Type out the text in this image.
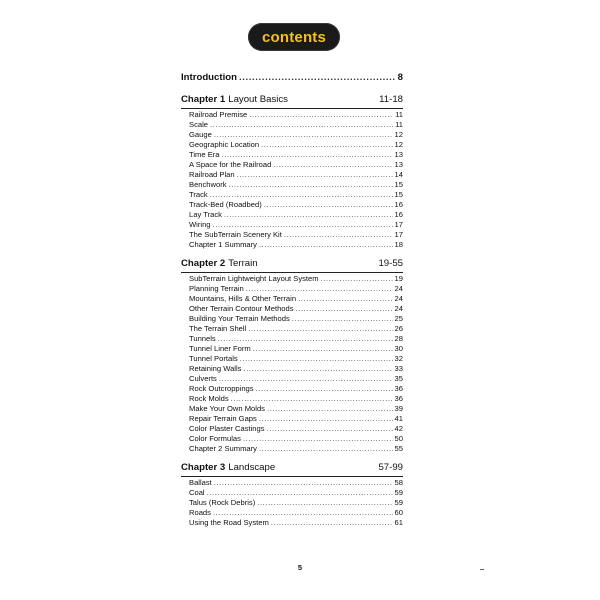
contents
Introduction .....	8
Chapter 1 Layout Basics	11-18
Railroad Premise .....	11
Scale .....	11
Gauge .....	12
Geographic Location .....	12
Time Era .....	13
A Space for the Railroad .....	13
Railroad Plan .....	14
Benchwork .....	15
Track .....	15
Track-Bed (Roadbed) .....	16
Lay Track .....	16
Wiring .....	17
The SubTerrain Scenery Kit .....	17
Chapter 1 Summary .....	18
Chapter 2 Terrain	19-55
SubTerrain Lightweight Layout System .....	19
Planning Terrain .....	24
Mountains, Hills & Other Terrain .....	24
Other Terrain Contour Methods .....	24
Building Your Terrain Methods .....	25
The Terrain Shell .....	26
Tunnels .....	28
Tunnel Liner Form .....	30
Tunnel Portals .....	32
Retaining Walls .....	33
Culverts .....	35
Rock Outcroppings .....	36
Rock Molds .....	36
Make Your Own Molds .....	39
Repair Terrain Gaps .....	41
Color Plaster Castings .....	42
Color Formulas .....	50
Chapter 2 Summary .....	55
Chapter 3 Landscape	57-99
Ballast .....	58
Coal .....	59
Talus (Rock Debris) .....	59
Roads .....	60
Using the Road System .....	61
5
